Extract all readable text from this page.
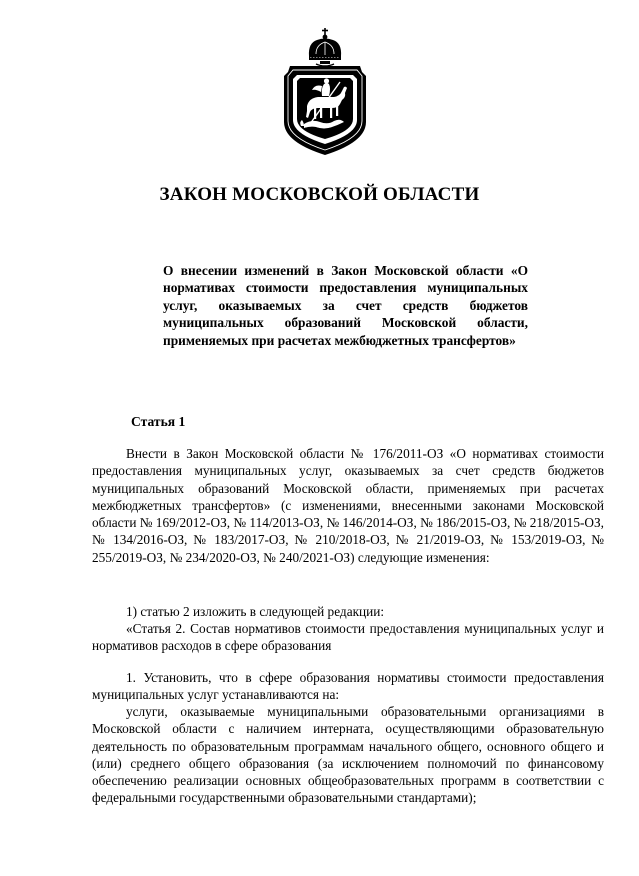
ЗАКОН МОСКОВСКОЙ ОБЛАСТИ

О внесении изменений в Закон Московской области «О нормативах стоимости предоставления муниципальных услуг, оказываемых за счет средств бюджетов муниципальных образований Московской области, применяемых при расчетах межбюджетных трансфертов»

Статья 1

Внести в Закон Московской области № 176/2011-ОЗ «О нормативах стоимости предоставления муниципальных услуг, оказываемых за счет средств бюджетов муниципальных образований Московской области, применяемых при расчетах межбюджетных трансфертов» (с изменениями, внесенными законами Московской области № 169/2012-ОЗ, № 114/2013-ОЗ, № 146/2014-ОЗ, № 186/2015-ОЗ, № 218/2015-ОЗ, № 134/2016-ОЗ, № 183/2017-ОЗ, № 210/2018-ОЗ, № 21/2019-ОЗ, № 153/2019-ОЗ, № 255/2019-ОЗ, № 234/2020-ОЗ, № 240/2021-ОЗ) следующие изменения:

1) статью 2 изложить в следующей редакции:

«Статья 2. Состав нормативов стоимости предоставления муниципальных услуг и нормативов расходов в сфере образования

1. Установить, что в сфере образования нормативы стоимости предоставления муниципальных услуг устанавливаются на:

услуги, оказываемые муниципальными образовательными организациями в Московской области с наличием интерната, осуществляющими образовательную деятельность по образовательным программам начального общего, основного общего и (или) среднего общего образования (за исключением полномочий по финансовому обеспечению реализации основных общеобразовательных программ в соответствии с федеральными государственными образовательными стандартами);
